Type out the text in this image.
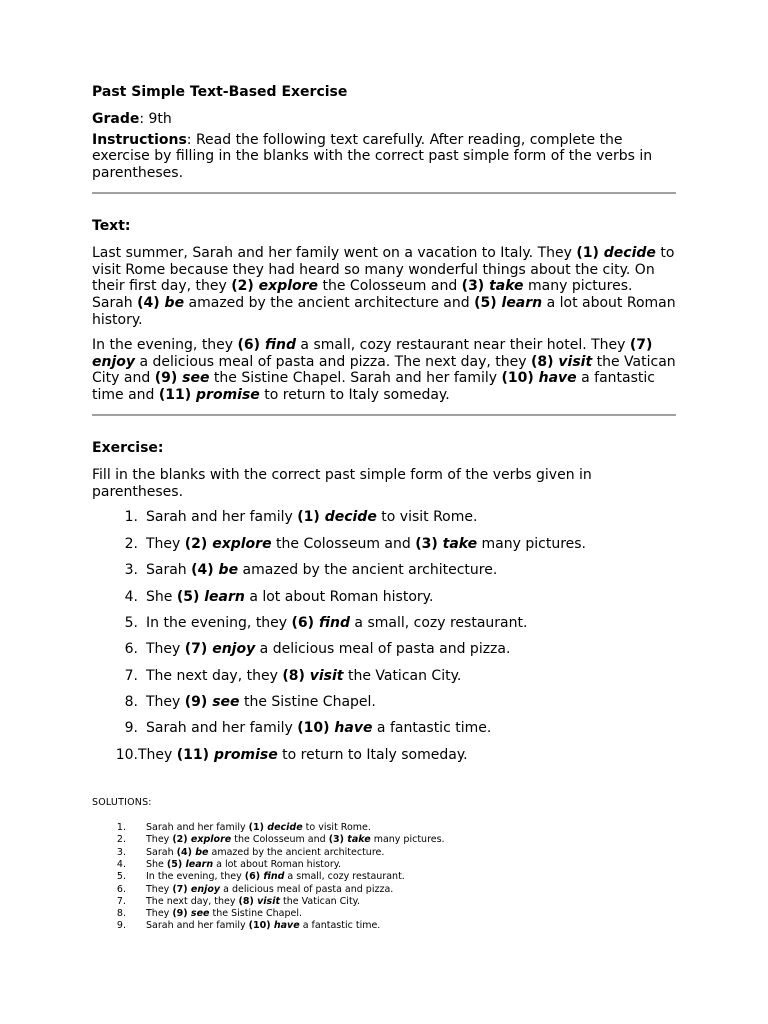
Past Simple Text-Based Exercise
Grade: 9th
Instructions: Read the following text carefully. After reading, complete the exercise by filling in the blanks with the correct past simple form of the verbs in parentheses.
Text:
Last summer, Sarah and her family went on a vacation to Italy. They (1) decide to visit Rome because they had heard so many wonderful things about the city. On their first day, they (2) explore the Colosseum and (3) take many pictures. Sarah (4) be amazed by the ancient architecture and (5) learn a lot about Roman history.
In the evening, they (6) find a small, cozy restaurant near their hotel. They (7) enjoy a delicious meal of pasta and pizza. The next day, they (8) visit the Vatican City and (9) see the Sistine Chapel. Sarah and her family (10) have a fantastic time and (11) promise to return to Italy someday.
Exercise:
Fill in the blanks with the correct past simple form of the verbs given in parentheses.
1. Sarah and her family (1) decide to visit Rome.
2. They (2) explore the Colosseum and (3) take many pictures.
3. Sarah (4) be amazed by the ancient architecture.
4. She (5) learn a lot about Roman history.
5. In the evening, they (6) find a small, cozy restaurant.
6. They (7) enjoy a delicious meal of pasta and pizza.
7. The next day, they (8) visit the Vatican City.
8. They (9) see the Sistine Chapel.
9. Sarah and her family (10) have a fantastic time.
10.They (11) promise to return to Italy someday.
SOLUTIONS:
1. Sarah and her family (1) decide to visit Rome.
2. They (2) explore the Colosseum and (3) take many pictures.
3. Sarah (4) be amazed by the ancient architecture.
4. She (5) learn a lot about Roman history.
5. In the evening, they (6) find a small, cozy restaurant.
6. They (7) enjoy a delicious meal of pasta and pizza.
7. The next day, they (8) visit the Vatican City.
8. They (9) see the Sistine Chapel.
9. Sarah and her family (10) have a fantastic time.
